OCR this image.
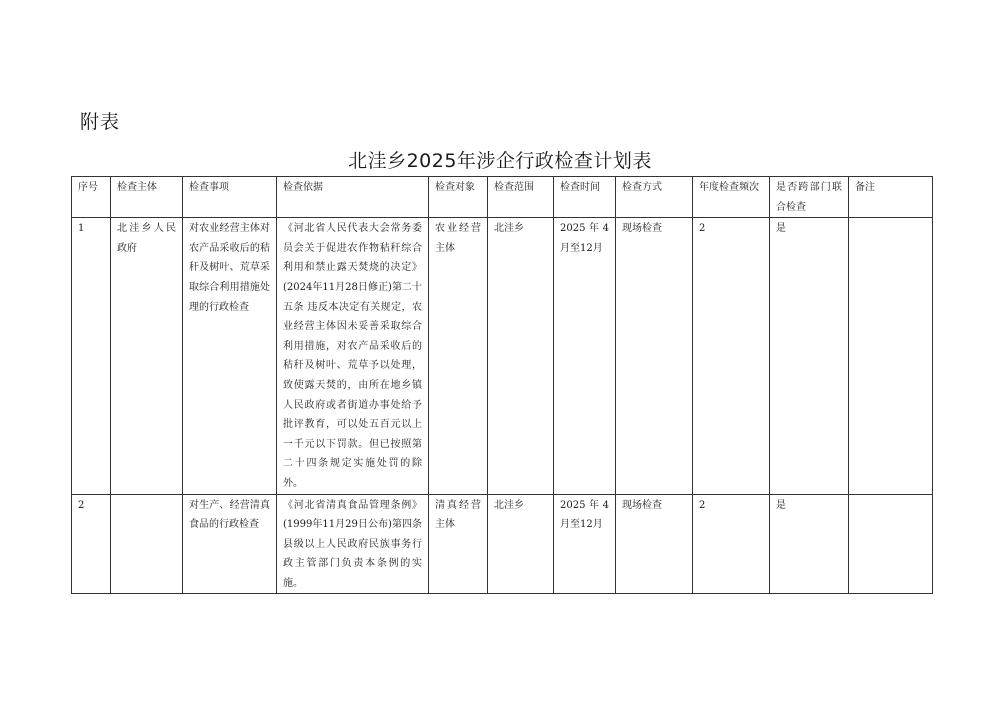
附表
北洼乡2025年涉企行政检查计划表
序号	检查主体	检查事项	检查依据	检查对象	检查范围	检查时间	检查方式	年度检查频次	是否跨部门联合检查	备注
1	北洼乡人民政府	对农业经营主体对农产品采收后的秸秆及树叶、荒草采取综合利用措施处理的行政检查	《河北省人民代表大会常务委员会关于促进农作物秸秆综合利用和禁止露天焚烧的决定》(2024年11月28日修正)第二十五条 违反本决定有关规定，农业经营主体因未妥善采取综合利用措施，对农产品采收后的秸秆及树叶、荒草予以处理，致使露天焚的，由所在地乡镇人民政府或者街道办事处给予批评教育，可以处五百元以上一千元以下罚款。但已按照第二十四条规定实施处罚的除外。	农业经营主体	北洼乡	2025年4月至12月	现场检查	2	是	
2		对生产、经营清真食品的行政检查	《河北省清真食品管理条例》(1999年11月29日公布)第四条 县级以上人民政府民族事务行政主管部门负责本条例的实施。	清真经营主体	北洼乡	2025年4月至12月	现场检查	2	是	
